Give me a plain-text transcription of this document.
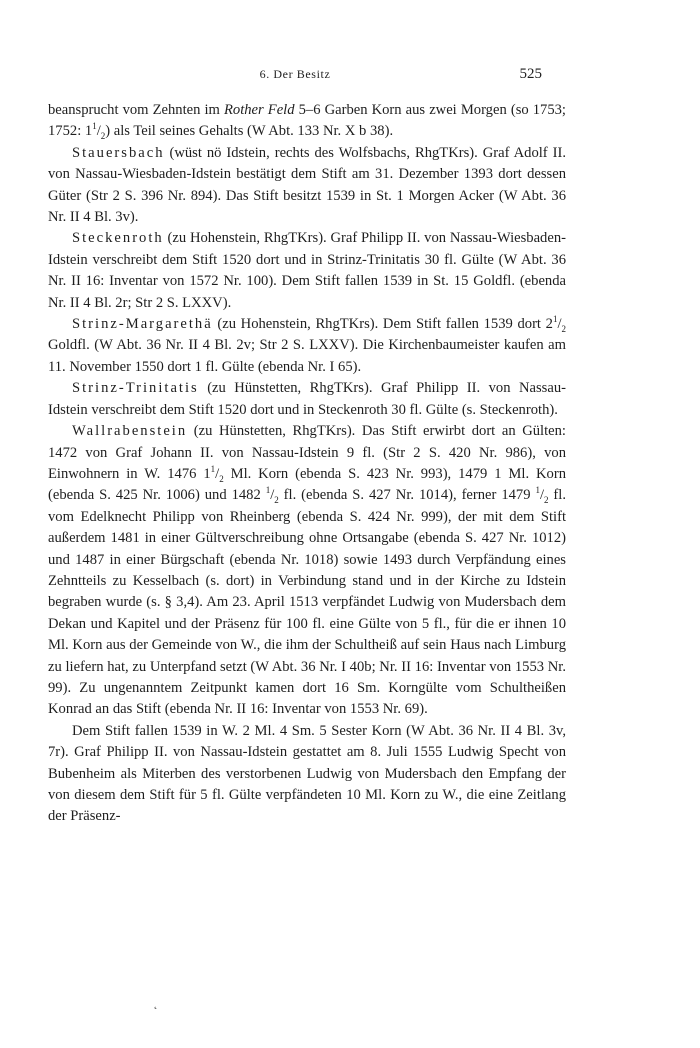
6. Der Besitz	525

beansprucht vom Zehnten im Rother Feld 5–6 Garben Korn aus zwei Morgen (so 1753; 1752: $1^1/_2$) als Teil seines Gehalts (W Abt. 133 Nr. X b 38).

Stauersbach (wüst nö Idstein, rechts des Wolfsbachs, RhgTKrs). Graf Adolf II. von Nassau-Wiesbaden-Idstein bestätigt dem Stift am 31. Dezember 1393 dort dessen Güter (Str 2 S. 396 Nr. 894). Das Stift besitzt 1539 in St. 1 Morgen Acker (W Abt. 36 Nr. II 4 Bl. 3v).

Steckenroth (zu Hohenstein, RhgTKrs). Graf Philipp II. von Nassau-Wiesbaden-Idstein verschreibt dem Stift 1520 dort und in Strinz-Trinitatis 30 fl. Gülte (W Abt. 36 Nr. II 16: Inventar von 1572 Nr. 100). Dem Stift fallen 1539 in St. 15 Goldfl. (ebenda Nr. II 4 Bl. 2r; Str 2 S. LXXV).

Strinz-Margarethä (zu Hohenstein, RhgTKrs). Dem Stift fallen 1539 dort $2^1/_2$ Goldfl. (W Abt. 36 Nr. II 4 Bl. 2v; Str 2 S. LXXV). Die Kirchenbaumeister kaufen am 11. November 1550 dort 1 fl. Gülte (ebenda Nr. I 65).

Strinz-Trinitatis (zu Hünstetten, RhgTKrs). Graf Philipp II. von Nassau-Idstein verschreibt dem Stift 1520 dort und in Steckenroth 30 fl. Gülte (s. Steckenroth).

Wallrabenstein (zu Hünstetten, RhgTKrs). Das Stift erwirbt dort an Gülten: 1472 von Graf Johann II. von Nassau-Idstein 9 fl. (Str 2 S. 420 Nr. 986), von Einwohnern in W. 1476 $1^1/_2$ Ml. Korn (ebenda S. 423 Nr. 993), 1479 1 Ml. Korn (ebenda S. 425 Nr. 1006) und 1482 $^1/_2$ fl. (ebenda S. 427 Nr. 1014), ferner 1479 $^1/_2$ fl. vom Edelknecht Philipp von Rheinberg (ebenda S. 424 Nr. 999), der mit dem Stift außerdem 1481 in einer Gültverschreibung ohne Ortsangabe (ebenda S. 427 Nr. 1012) und 1487 in einer Bürgschaft (ebenda Nr. 1018) sowie 1493 durch Verpfändung eines Zehntteils zu Kesselbach (s. dort) in Verbindung stand und in der Kirche zu Idstein begraben wurde (s. § 3,4). Am 23. April 1513 verpfändet Ludwig von Mudersbach dem Dekan und Kapitel und der Präsenz für 100 fl. eine Gülte von 5 fl., für die er ihnen 10 Ml. Korn aus der Gemeinde von W., die ihm der Schultheiß auf sein Haus nach Limburg zu liefern hat, zu Unterpfand setzt (W Abt. 36 Nr. I 40b; Nr. II 16: Inventar von 1553 Nr. 99). Zu ungenanntem Zeitpunkt kamen dort 16 Sm. Korngülte vom Schultheißen Konrad an das Stift (ebenda Nr. II 16: Inventar von 1553 Nr. 69).

Dem Stift fallen 1539 in W. 2 Ml. 4 Sm. 5 Sester Korn (W Abt. 36 Nr. II 4 Bl. 3v, 7r). Graf Philipp II. von Nassau-Idstein gestattet am 8. Juli 1555 Ludwig Specht von Bubenheim als Miterben des verstorbenen Ludwig von Mudersbach den Empfang der von diesem dem Stift für 5 fl. Gülte verpfändeten 10 Ml. Korn zu W., die eine Zeitlang der Präsenz-

˛
